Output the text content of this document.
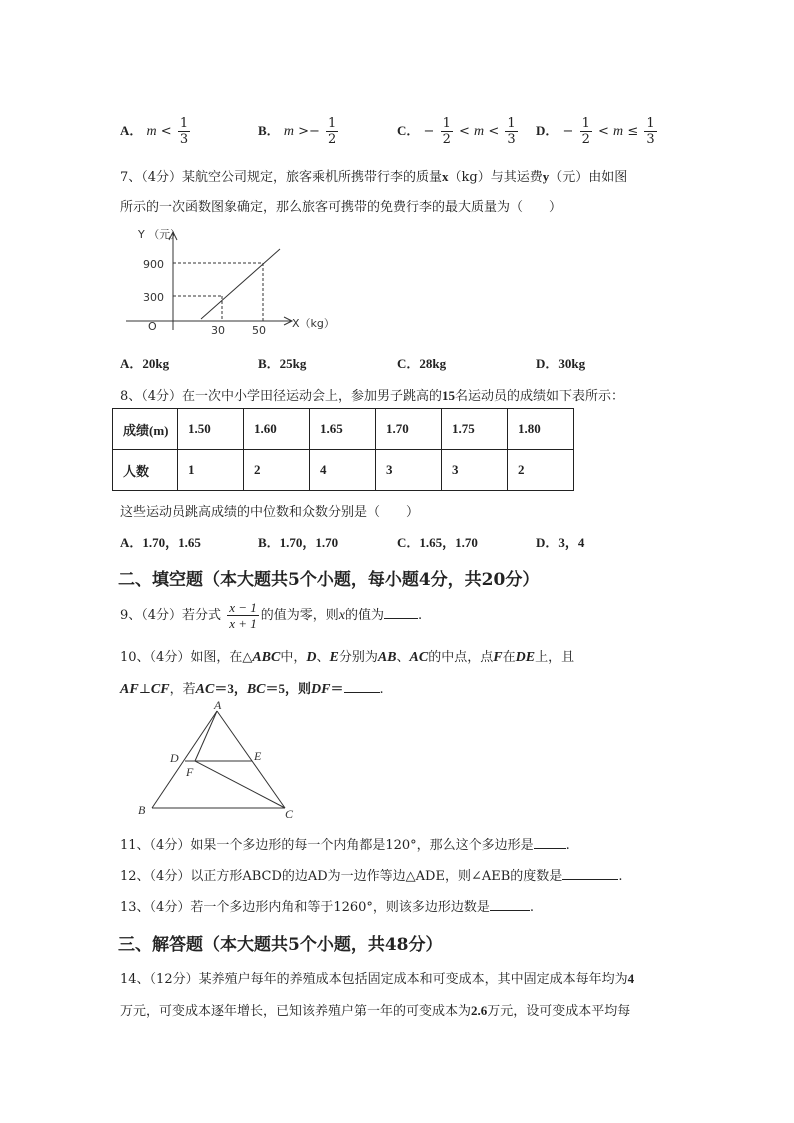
A． $m < \frac{1}{3}$	B． $m >- \frac{1}{2}$	C． − $\frac{1}{2} < m < \frac{1}{3}$ D． − $\frac{1}{2} < m \le \frac{1}{3}$
7、（4分）某航空公司规定，旅客乘机所携带行李的质量x（kg）与其运费y（元）由如图
所示的一次函数图象确定，那么旅客可携带的免费行李的最大质量为（　　）
Y （元）
900
300
O	30 50
X（kg）
A．20kg	B．25kg	C．28kg	D．30kg
8、（4分）在一次中小学田径运动会上，参加男子跳高的15名运动员的成绩如下表所示：
成绩(m)	1.50	1.60	1.65	1.70	1.75	1.80
人数	1	2	4	3	3	2
这些运动员跳高成绩的中位数和众数分别是（　　）
A．1.70，1.65	B．1.70，1.70	C．1.65，1.70	D．3，4
二、填空题（本大题共5个小题，每小题4分，共20分）
9、（4分）若分式 $\frac{x - 1}{x + 1}$ 的值为零，则x的值为	.
10、（4分）如图，在△ABC中，D、E分别为AB、AC的中点，点F在DE上，且
AF⊥CF，若AC＝3，BC＝5，则DF＝	.
A
B	C
D	E
F
11、（4分）如果一个多边形的每一个内角都是120°，那么这个多边形是 .
12、（4分）以正方形ABCD的边AD为一边作等边△ADE，则∠AEB的度数是	.
13、（4分）若一个多边形内角和等于1260°，则该多边形边数是	.
三、解答题（本大题共5个小题，共48分）
14、（12分）某养殖户每年的养殖成本包括固定成本和可变成本，其中固定成本每年均为4
万元，可变成本逐年增长，已知该养殖户第一年的可变成本为2.6万元，设可变成本平均每
